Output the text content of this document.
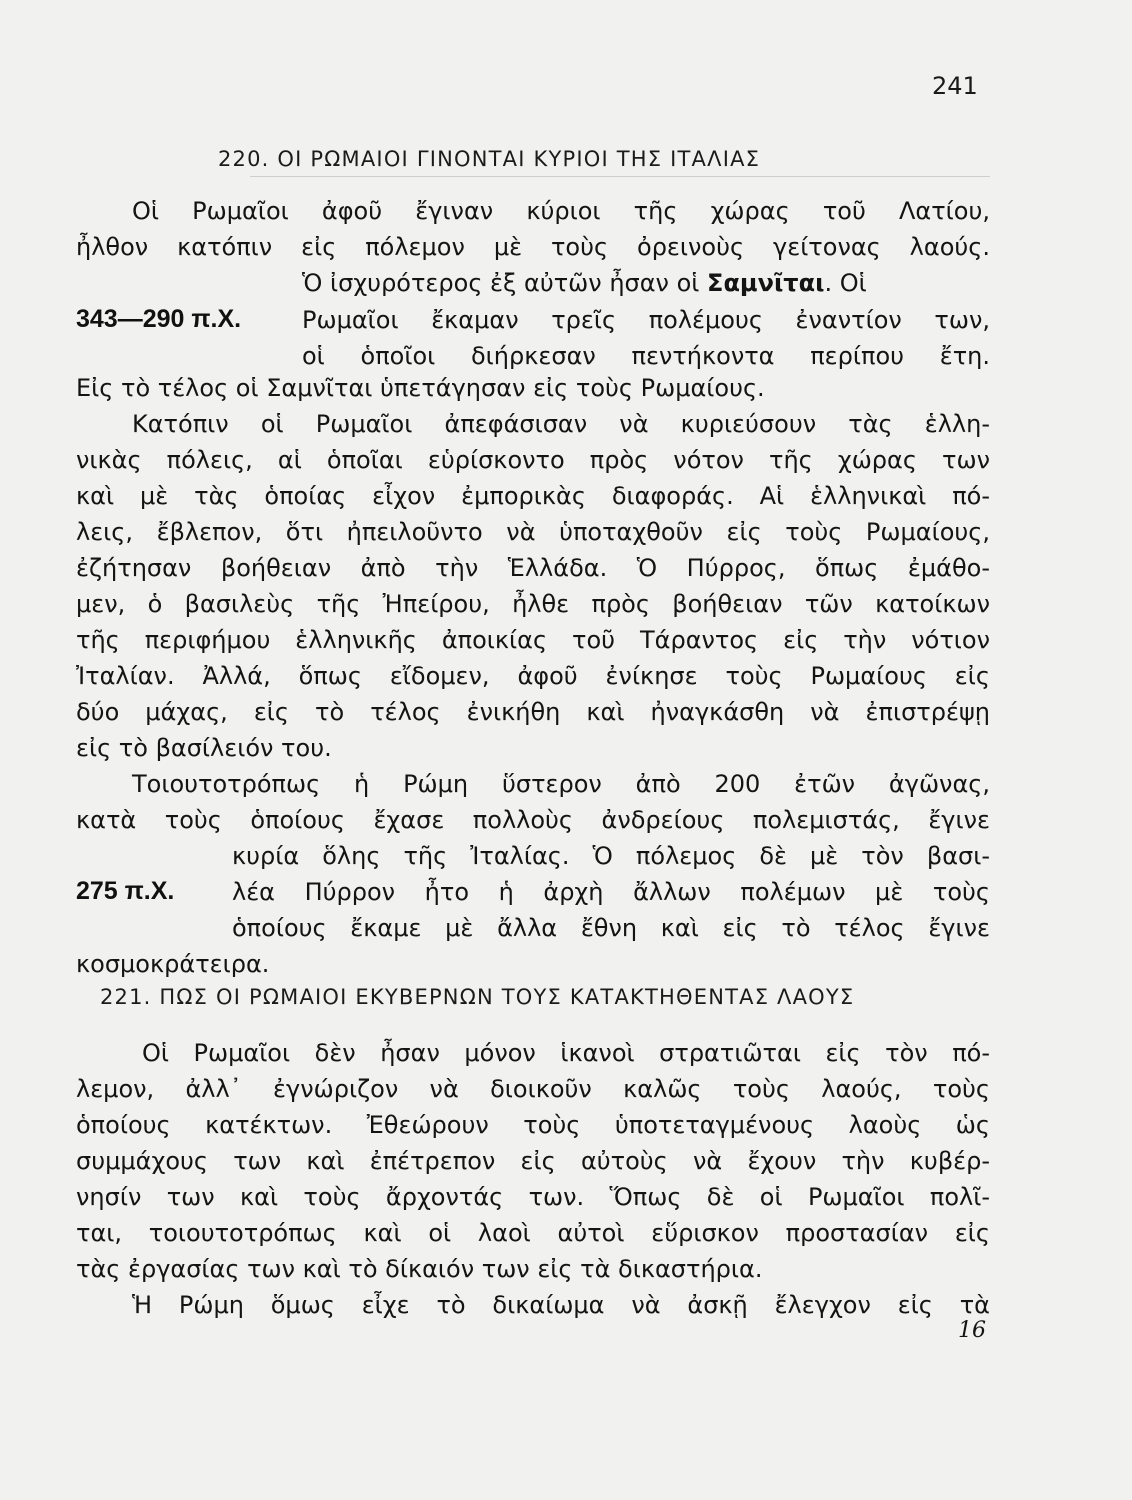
241
220. ΟΙ ΡΩΜΑΙΟΙ ΓΙΝΟΝΤΑΙ ΚΥΡΙΟΙ ΤΗΣ ΙΤΑΛΙΑΣ
Οἱ Ρωμαῖοι ἀφοῦ ἔγιναν κύριοι τῆς χώρας τοῦ Λατίου,
ἦλθον κατόπιν εἰς πόλεμον μὲ τοὺς ὀρεινοὺς γείτονας λαούς.
Ὁ ἰσχυρότερος ἐξ αὐτῶν ἦσαν οἱ Σαμνῖται. Οἱ
343—290 π.Χ.	Ρωμαῖοι ἔκαμαν τρεῖς πολέμους ἐναντίον των,
οἱ ὁποῖοι διήρκεσαν πεντήκοντα περίπου ἔτη.
Εἰς τὸ τέλος οἱ Σαμνῖται ὑπετάγησαν εἰς τοὺς Ρωμαίους.
Κατόπιν οἱ Ρωμαῖοι ἀπεφάσισαν νὰ κυριεύσουν τὰς ἑλλη-
νικὰς πόλεις, αἱ ὁποῖαι εὑρίσκοντο πρὸς νότον τῆς χώρας των
καὶ μὲ τὰς ὁποίας εἶχον ἐμπορικὰς διαφοράς. Αἱ ἑλληνικαὶ πό-
λεις, ἔβλεπον, ὅτι ἠπειλοῦντο νὰ ὑποταχθοῦν εἰς τοὺς Ρωμαίους,
ἐζήτησαν βοήθειαν ἀπὸ τὴν Ἑλλάδα. Ὁ Πύρρος, ὅπως ἐμάθο-
μεν, ὁ βασιλεὺς τῆς Ἠπείρου, ἦλθε πρὸς βοήθειαν τῶν κατοίκων
τῆς περιφήμου ἑλληνικῆς ἀποικίας τοῦ Τάραντος εἰς τὴν νότιον
Ἰταλίαν. Ἀλλά, ὅπως εἴδομεν, ἀφοῦ ἐνίκησε τοὺς Ρωμαίους εἰς
δύο μάχας, εἰς τὸ τέλος ἐνικήθη καὶ ἠναγκάσθη νὰ ἐπιστρέψῃ
εἰς τὸ βασίλειόν του.
Τοιουτοτρόπως ἡ Ρώμη ὕστερον ἀπὸ 200 ἐτῶν ἀγῶνας,
κατὰ τοὺς ὁποίους ἔχασε πολλοὺς ἀνδρείους πολεμιστάς, ἔγινε
κυρία ὅλης τῆς Ἰταλίας. Ὁ πόλεμος δὲ μὲ τὸν βασι-
275 π.Χ. λέα Πύρρον ἦτο ἡ ἀρχὴ ἄλλων πολέμων μὲ τοὺς
ὁποίους ἔκαμε μὲ ἄλλα ἔθνη καὶ εἰς τὸ τέλος ἔγινε
κοσμοκράτειρα.
221. ΠΩΣ ΟΙ ΡΩΜΑΙΟΙ ΕΚΥΒΕΡΝΩΝ ΤΟΥΣ ΚΑΤΑΚΤΗΘΕΝΤΑΣ ΛΑΟΥΣ
Οἱ Ρωμαῖοι δὲν ἦσαν μόνον ἱκανοὶ στρατιῶται εἰς τὸν πό-
λεμον, ἀλλ᾽ ἐγνώριζον νὰ διοικοῦν καλῶς τοὺς λαούς, τοὺς
ὁποίους κατέκτων. Ἐθεώρουν τοὺς ὑποτεταγμένους λαοὺς ὡς
συμμάχους των καὶ ἐπέτρεπον εἰς αὐτοὺς νὰ ἔχουν τὴν κυβέρ-
νησίν των καὶ τοὺς ἄρχοντάς των. Ὅπως δὲ οἱ Ρωμαῖοι πολῖ-
ται, τοιουτοτρόπως καὶ οἱ λαοὶ αὐτοὶ εὕρισκον προστασίαν εἰς
τὰς ἐργασίας των καὶ τὸ δίκαιόν των εἰς τὰ δικαστήρια.
Ἡ Ρώμη ὅμως εἶχε τὸ δικαίωμα νὰ ἀσκῇ ἔλεγχον εἰς τὰ
16
